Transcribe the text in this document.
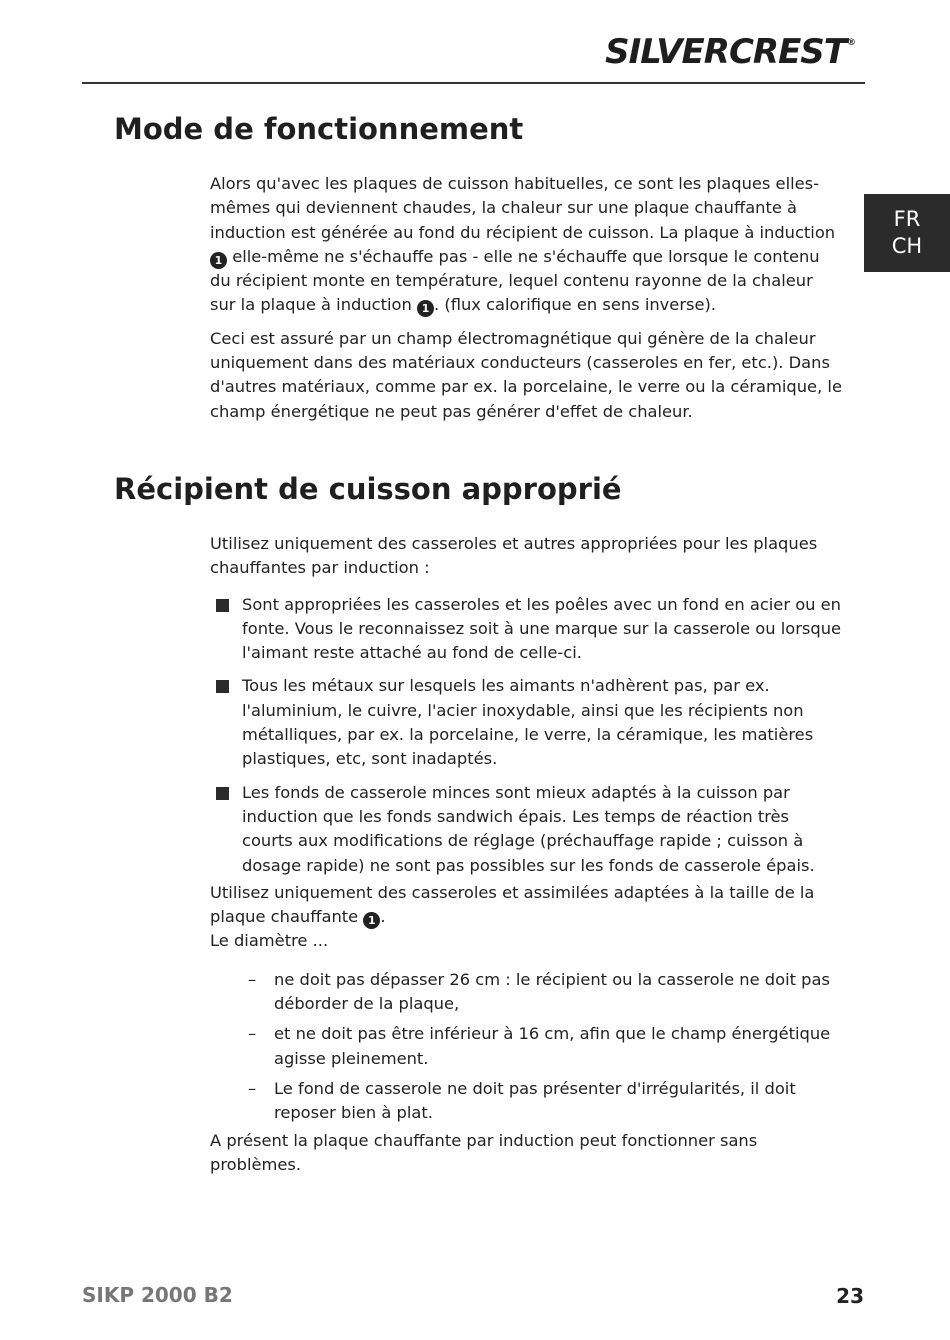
SILVERCREST®
FR
CH
Mode de fonctionnement

Alors qu'avec les plaques de cuisson habituelles, ce sont les plaques elles-mêmes qui deviennent chaudes, la chaleur sur une plaque chauffante à induction est générée au fond du récipient de cuisson. La plaque à induction 1 elle-même ne s'échauffe pas - elle ne s'échauffe que lorsque le contenu du récipient monte en température, lequel contenu rayonne de la chaleur sur la plaque à induction 1 . (flux calorifique en sens inverse).

Ceci est assuré par un champ électromagnétique qui génère de la chaleur uniquement dans des matériaux conducteurs (casseroles en fer, etc.). Dans d'autres matériaux, comme par ex. la porcelaine, le verre ou la céramique, le champ énergétique ne peut pas générer d'effet de chaleur.

Récipient de cuisson approprié

Utilisez uniquement des casseroles et autres appropriées pour les plaques chauffantes par induction :

Sont appropriées les casseroles et les poêles avec un fond en acier ou en fonte. Vous le reconnaissez soit à une marque sur la casserole ou lorsque l'aimant reste attaché au fond de celle-ci.
Tous les métaux sur lesquels les aimants n'adhèrent pas, par ex. l'aluminium, le cuivre, l'acier inoxydable, ainsi que les récipients non métalliques, par ex. la porcelaine, le verre, la céramique, les matières plastiques, etc, sont inadaptés.
Les fonds de casserole minces sont mieux adaptés à la cuisson par induction que les fonds sandwich épais. Les temps de réaction très courts aux modifications de réglage (préchauffage rapide ; cuisson à dosage rapide) ne sont pas possibles sur les fonds de casserole épais.

Utilisez uniquement des casseroles et assimilées adaptées à la taille de la plaque chauffante 1 .

Le diamètre ...

– ne doit pas dépasser 26 cm : le récipient ou la casserole ne doit pas déborder de la plaque,
– et ne doit pas être inférieur à 16 cm, afin que le champ énergétique agisse pleinement.
– Le fond de casserole ne doit pas présenter d'irrégularités, il doit reposer bien à plat.

A présent la plaque chauffante par induction peut fonctionner sans problèmes.

SIKP 2000 B2	23
